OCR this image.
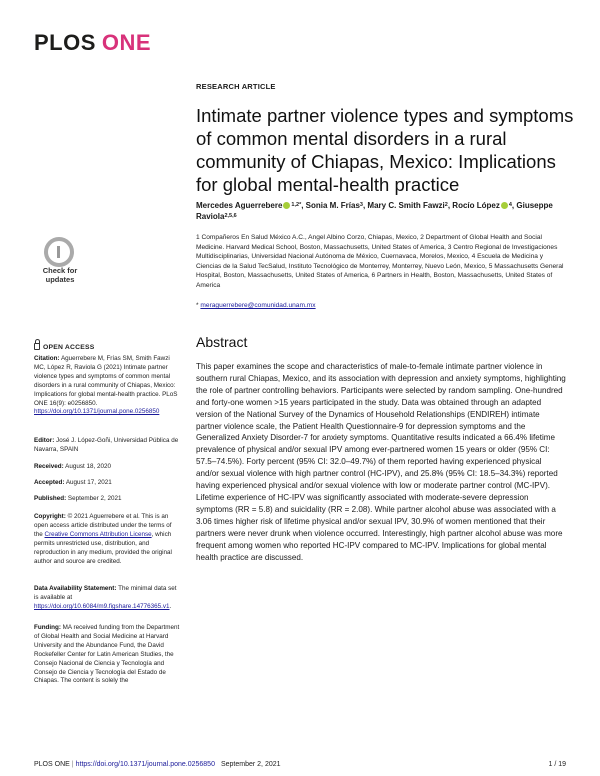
PLOS ONE
RESEARCH ARTICLE
Intimate partner violence types and symptoms of common mental disorders in a rural community of Chiapas, Mexico: Implications for global mental-health practice
Mercedes Aguerrebere $^{1,2*}$, Sonia M. Frías$^3$, Mary C. Smith Fawzi$^2$, Rocío López $^4$, Giuseppe Raviola$^{2,5,6}$
1 Compañeros En Salud México A.C., Angel Albino Corzo, Chiapas, Mexico, 2 Department of Global Health and Social Medicine. Harvard Medical School, Boston, Massachusetts, United States of America, 3 Centro Regional de Investigaciones Multidisciplinarias, Universidad Nacional Autónoma de México, Cuernavaca, Morelos, Mexico, 4 Escuela de Medicina y Ciencias de la Salud TecSalud, Instituto Tecnológico de Monterrey, Monterrey, Nuevo León, Mexico, 5 Massachusetts General Hospital, Boston, Massachusetts, United States of America, 6 Partners in Health, Boston, Massachusetts, United States of America
* meraguerrebere@comunidad.unam.mx
Check for updates
OPEN ACCESS
Citation: Aguerrebere M, Frías SM, Smith Fawzi MC, López R, Raviola G (2021) Intimate partner violence types and symptoms of common mental disorders in a rural community of Chiapas, Mexico: Implications for global mental-health practice. PLoS ONE 16(9): e0256850. https://doi.org/10.1371/journal.pone.0256850
Editor: José J. López-Goñi, Universidad Pública de Navarra, SPAIN
Received: August 18, 2020
Accepted: August 17, 2021
Published: September 2, 2021
Copyright: © 2021 Aguerrebere et al. This is an open access article distributed under the terms of the Creative Commons Attribution License, which permits unrestricted use, distribution, and reproduction in any medium, provided the original author and source are credited.
Data Availability Statement: The minimal data set is available at https://doi.org/10.6084/m9.figshare.14776365.v1.
Funding: MA received funding from the Department of Global Health and Social Medicine at Harvard University and the Abundance Fund, the David Rockefeller Center for Latin American Studies, the Consejo Nacional de Ciencia y Tecnología and Consejo de Ciencia y Tecnología del Estado de Chiapas. The content is solely the
Abstract
This paper examines the scope and characteristics of male-to-female intimate partner violence in southern rural Chiapas, Mexico, and its association with depression and anxiety symptoms, highlighting the role of partner controlling behaviors. Participants were selected by random sampling. One-hundred and forty-one women >15 years participated in the study. Data was obtained through an adapted version of the National Survey of the Dynamics of Household Relationships (ENDIREH) intimate partner violence scale, the Patient Health Questionnaire-9 for depression symptoms and the Generalized Anxiety Disorder-7 for anxiety symptoms. Quantitative results indicated a 66.4% lifetime prevalence of physical and/or sexual IPV among ever-partnered women 15 years or older (95% CI: 57.5–74.5%). Forty percent (95% CI: 32.0–49.7%) of them reported having experienced physical and/or sexual violence with high partner control (HC-IPV), and 25.8% (95% CI: 18.5–34.3%) reported having experienced physical and/or sexual violence with low or moderate partner control (MC-IPV). Lifetime experience of HC-IPV was significantly associated with moderate-severe depression symptoms (RR = 5.8) and suicidality (RR = 2.08). While partner alcohol abuse was associated with a 3.06 times higher risk of lifetime physical and/or sexual IPV, 30.9% of women mentioned that their partners were never drunk when violence occurred. Interestingly, high partner alcohol abuse was more frequent among women who reported HC-IPV compared to MC-IPV. Implications for global mental health practice are discussed.
PLOS ONE | https://doi.org/10.1371/journal.pone.0256850 September 2, 2021	1 / 19
